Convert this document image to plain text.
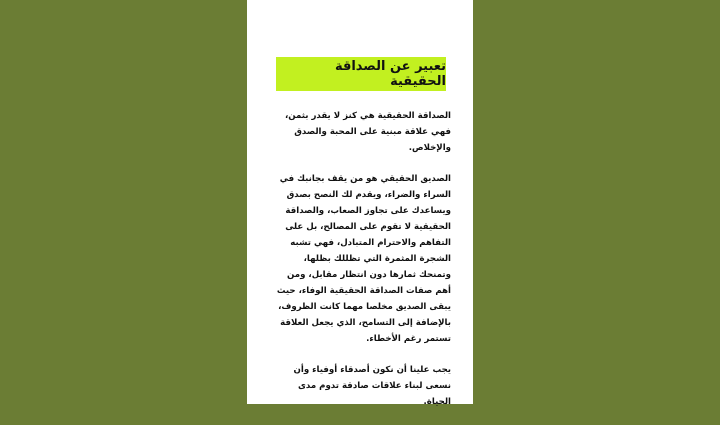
تعبير عن الصداقة الحقيقية

الصداقة الحقيقية هي كنز لا يقدر بثمن، فهي علاقة مبنية على المحبة والصدق والإخلاص.

الصديق الحقيقي هو من يقف بجانبك في السراء والضراء، ويقدم لك النصح بصدق ويساعدك على تجاوز الصعاب، والصداقة الحقيقية لا تقوم على المصالح، بل على التفاهم والاحترام المتبادل، فهي تشبه الشجرة المثمرة التي تظللك بظلها، وتمنحك ثمارها دون انتظار مقابل، ومن أهم صفات الصداقة الحقيقية الوفاء، حيث يبقى الصديق مخلصا مهما كانت الظروف، بالإضافة إلى التسامح، الذي يجعل العلاقة تستمر رغم الأخطاء.

يجب علينا أن نكون أصدقاء أوفياء وأن نسعى لبناء علاقات صادقة تدوم مدى الحياة.
